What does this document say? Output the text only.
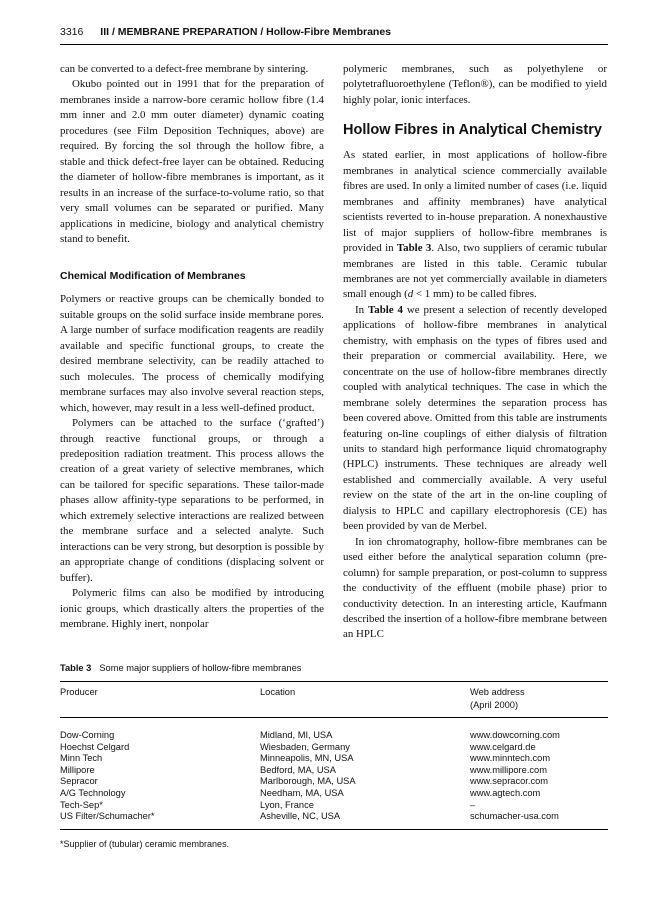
3316 III / MEMBRANE PREPARATION / Hollow-Fibre Membranes

can be converted to a defect-free membrane by sintering.

Okubo pointed out in 1991 that for the preparation of membranes inside a narrow-bore ceramic hollow fibre (1.4 mm inner and 2.0 mm outer diameter) dynamic coating procedures (see Film Deposition Techniques, above) are required. By forcing the sol through the hollow fibre, a stable and thick defect-free layer can be obtained. Reducing the diameter of hollow-fibre membranes is important, as it results in an increase of the surface-to-volume ratio, so that very small volumes can be separated or purified. Many applications in medicine, biology and analytical chemistry stand to benefit.

Chemical Modification of Membranes

Polymers or reactive groups can be chemically bonded to suitable groups on the solid surface inside membrane pores. A large number of surface modification reagents are readily available and specific functional groups, to create the desired membrane selectivity, can be readily attached to such molecules. The process of chemically modifying membrane surfaces may also involve several reaction steps, which, however, may result in a less well-defined product.

Polymers can be attached to the surface (‘grafted’) through reactive functional groups, or through a predeposition radiation treatment. This process allows the creation of a great variety of selective membranes, which can be tailored for specific separations. These tailor-made phases allow affinity-type separations to be performed, in which extremely selective interactions are realized between the membrane surface and a selected analyte. Such interactions can be very strong, but desorption is possible by an appropriate change of conditions (displacing solvent or buffer).

Polymeric films can also be modified by introducing ionic groups, which drastically alters the properties of the membrane. Highly inert, nonpolar

polymeric membranes, such as polyethylene or polytetrafluoroethylene (Teflon®), can be modified to yield highly polar, ionic interfaces.

Hollow Fibres in Analytical Chemistry

As stated earlier, in most applications of hollow-fibre membranes in analytical science commercially available fibres are used. In only a limited number of cases (i.e. liquid membranes and affinity membranes) have analytical scientists reverted to in-house preparation. A nonexhaustive list of major suppliers of hollow-fibre membranes is provided in Table 3. Also, two suppliers of ceramic tubular membranes are listed in this table. Ceramic tubular membranes are not yet commercially available in diameters small enough (d < 1 mm) to be called fibres.

In Table 4 we present a selection of recently developed applications of hollow-fibre membranes in analytical chemistry, with emphasis on the types of fibres used and their preparation or commercial availability. Here, we concentrate on the use of hollow-fibre membranes directly coupled with analytical techniques. The case in which the membrane solely determines the separation process has been covered above. Omitted from this table are instruments featuring on-line couplings of either dialysis of filtration units to standard high performance liquid chromatography (HPLC) instruments. These techniques are already well established and commercially available. A very useful review on the state of the art in the on-line coupling of dialysis to HPLC and capillary electrophoresis (CE) has been provided by van de Merbel.

In ion chromatography, hollow-fibre membranes can be used either before the analytical separation column (pre-column) for sample preparation, or post-column to suppress the conductivity of the effluent (mobile phase) prior to conductivity detection. In an interesting article, Kaufmann described the insertion of a hollow-fibre membrane between an HPLC

Table 3 Some major suppliers of hollow-fibre membranes
Producer	Location	Web address
(April 2000)
Dow-Corning	Midland, MI, USA	www.dowcorning.com
Hoechst Celgard	Wiesbaden, Germany	www.celgard.de
Minn Tech	Minneapolis, MN, USA	www.minntech.com
Millipore	Bedford, MA, USA	www.millipore.com
Sepracor	Marlborough, MA, USA	www.sepracor.com
A/G Technology	Needham, MA, USA	www.agtech.com
Tech-Sep*	Lyon, France	–
US Filter/Schumacher*	Asheville, NC, USA	schumacher-usa.com
*Supplier of (tubular) ceramic membranes.
